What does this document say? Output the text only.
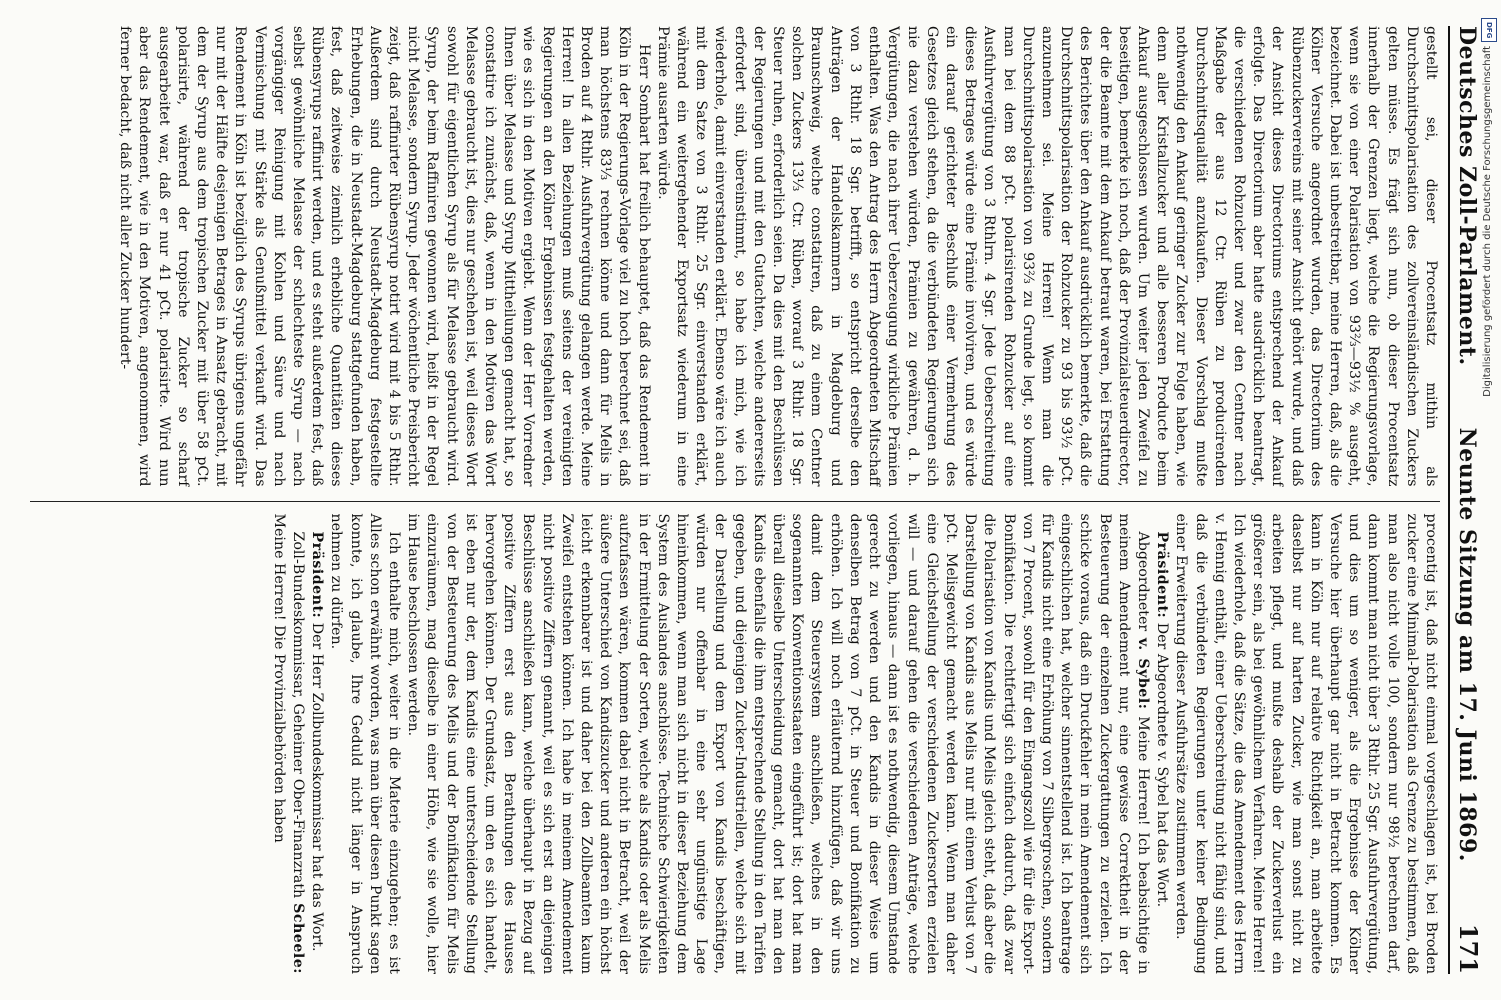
Deutsches Zoll-Parlament.
Neunte Sitzung am 17. Juni 1869.
171

gestellt sei, dieser Procentsatz mithin als Durchschnittspolarisation des zollvereinsländischen Zuckers gelten müsse. Es frägt sich nun, ob dieser Procentsatz innerhalb der Grenzen liegt, welche die Regierungsvorlage, wenn sie von einer Polarisation von 93⅔—93½ % ausgeht, bezeichnet. Dabei ist unbestreitbar, meine Herren, daß, als die Kölner Versuche angeordnet wurden, das Directorium des Rübenzuckervereins mit seiner Ansicht gehört wurde, und daß der Ansicht dieses Directoriums entsprechend der Ankauf erfolgte. Das Directorium aber hatte ausdrücklich beantragt, die verschiedenen Rohzucker und zwar den Centner nach Maßgabe der aus 12 Ctr. Rüben zu producirenden Durchschnittsqualität anzukaufen. Dieser Vorschlag mußte nothwendig den Ankauf geringer Zucker zur Folge haben, wie denn aller Kristallzucker und alle besseren Producte beim Ankauf ausgeschlossen wurden. Um weiter jeden Zweifel zu beseitigen, bemerke ich noch, daß der Provinzialsteuerdirector, der die Beamte mit dem Ankauf betraut waren, bei Erstattung des Berichtes über den Ankauf ausdrücklich bemerkte, daß die Durchschnittspolarisation der Rohzucker zu 93 bis 93½ pCt. anzunehmen sei. Meine Herren! Wenn man die Durchschnittspolarisation von 93⅔ zu Grunde legt, so kommt man bei dem 88 pCt. polarisirenden Rohzucker auf eine Ausfuhrvergütung von 3 Rthlrn. 4 Sgr. Jede Ueberschreitung dieses Betrages würde eine Prämie involviren, und es würde ein darauf gerichteter Beschluß einer Vermehrung des Gesetzes gleich stehen, da die verbündeten Regierungen sich nie dazu verstehen würden, Prämien zu gewähren, d. h. Vergütungen, die nach ihrer Ueberzeugung wirkliche Prämien enthalten. Was den Antrag des Herrn Abgeordneten Mitschaff von 3 Rthlr. 18 Sgr. betrifft, so entspricht derselbe den Anträgen der Handelskammern in Magdeburg und Braunschweig, welche constatiren, daß zu einem Centner solchen Zuckers 13⅓ Ctr. Rüben, worauf 3 Rthlr. 18 Sgr. Steuer ruhen, erforderlich seien. Da dies mit den Beschlüssen der Regierungen und mit den Gutachten, welche andererseits erfordert sind, übereinstimmt, so habe ich mich, wie ich wiederhole, damit einverstanden erklärt. Ebenso wäre ich auch mit dem Satze von 3 Rthlr. 25 Sgr. einverstanden erklärt, während ein weitergehender Exportsatz wiederum in eine Prämie ausarten würde.

Herr Sombart hat freilich behauptet, daß das Rendement in Köln in der Regierungs-Vorlage viel zu hoch berechnet sei, daß man höchstens 83⅓ rechnen könne und dann für Melis in Broden auf 4 Rthlr. Ausfuhrvergütung gelangen werde. Meine Herren! In allen Beziehungen muß seitens der vereinigten Regierungen an den Kölner Ergebnissen festgehalten werden, wie es sich in den Motiven ergiebt. Wenn der Herr Vorredner Ihnen über Melasse und Syrup Mittheilungen gemacht hat, so constatire ich zunächst, daß, wenn in den Motiven das Wort Melasse gebraucht ist, dies nur geschehen ist, weil dieses Wort sowohl für eigentlichen Syrup als für Melasse gebraucht wird. Syrup, der beim Raffiniren gewonnen wird, heißt in der Regel nicht Melasse, sondern Syrup. Jeder wöchentliche Preisbericht zeigt, daß raffinirter Rübensyrup notirt wird mit 4 bis 5 Rthlr. Außerdem sind durch Neustadt-Magdeburg festgestellte Erhebungen, die in Neustadt-Magdeburg stattgefunden haben, fest, daß zeitweise ziemlich erhebliche Quantitäten dieses Rübensyrups raffinirt werden, und es steht außerdem fest, daß selbst gewöhnliche Melasse der schlechteste Syrup — nach vorgängiger Reinigung mit Kohlen und Säure und nach Vermischung mit Stärke als Genußmittel verkauft wird. Das Rendement in Köln ist bezüglich des Syrups übrigens ungefähr nur mit der Hälfte desjenigen Betrages in Ansatz gebracht, mit dem der Syrup aus dem tropischen Zucker mit über 58 pCt. polarisirte, während der tropische Zucker so scharf ausgearbeitet war, daß er nur 41 pCt. polarisirte. Wird nun aber das Rendement, wie in den Motiven, angenommen, wird ferner bedacht, daß nicht aller Zucker hundert-

procentig ist, daß nicht einmal vorgeschlagen ist, bei Broden zucker eine Minimal-Polarisation als Grenze zu bestimmen, daß man also nicht volle 100, sondern nur 98½ berechnen darf, dann kommt man nicht über 3 Rthlr. 25 Sgr. Ausfuhrvergütung, und dies um so weniger, als die Ergebnisse der Kölner Versuche hier überhaupt gar nicht in Betracht kommen. Es kann in Köln nur auf relative Richtigkeit an, man arbeitete daselbst nur auf harten Zucker, wie man sonst nicht zu arbeiten pflegt, und mußte deshalb der Zuckerverlust ein größerer sein, als bei gewöhnlichem Verfahren. Meine Herren! Ich wiederhole, daß die Sätze, die das Amendement des Herrn v. Hennig enthält, einer Ueberschreitung nicht fähig sind, und daß die verbündeten Regierungen unter keiner Bedingung einer Erweiterung dieser Ausfuhrsätze zustimmen werden.

Präsident: Der Abgeordnete v. Sybel hat das Wort.

Abgeordneter v. Sybel: Meine Herren! Ich beabsichtige in meinem Amendement nur, eine gewisse Correktheit in der Besteuerung der einzelnen Zuckergattungen zu erzielen. Ich schicke voraus, daß ein Druckfehler in mein Amendement sich eingeschlichen hat, welcher sinnentstellend ist. Ich beantrage für Kandis nicht eine Erhöhung von 7 Silbergroschen, sondern von 7 Procent, sowohl für den Eingangszoll wie für die Export-Bonifikation. Die rechtfertigt sich einfach dadurch, daß zwar die Polarisation von Kandis und Melis gleich steht, daß aber die Darstellung von Kandis aus Melis nur mit einem Verlust von 7 pCt. Melisgewicht gemacht werden kann. Wenn man daher eine Gleichstellung der verschiedenen Zuckersorten erzielen will — und darauf gehen die verschiedenen Anträge, welche vorliegen, hinaus — dann ist es nothwendig, diesem Umstande gerecht zu werden und den Kandis in dieser Weise um denselben Betrag von 7 pCt. in Steuer und Bonifikation zu erhöhen. Ich will noch erläuternd hinzufügen, daß wir uns damit dem Steuersystem anschließen, welches in den sogenannten Konventionsstaaten eingeführt ist; dort hat man überall dieselbe Unterscheidung gemacht, dort hat man den Kandis ebenfalls die ihm entsprechende Stellung in den Tarifen gegeben, und diejenigen Zucker-Industriellen, welche sich mit der Darstellung und dem Export von Kandis beschäftigen, würden nur offenbar in eine sehr ungünstige Lage hineinkommen, wenn man sich nicht in dieser Beziehung dem System des Auslandes anschlösse. Technische Schwierigkeiten in der Ermittelung der Sorten, welche als Kandis oder als Melis aufzufassen wären, kommen dabei nicht in Betracht, weil der äußere Unterschied von Kandiszucker und anderen ein höchst leicht erkennbarer ist und daher bei den Zollbeamten kaum Zweifel entstehen können. Ich habe in meinem Amendement nicht positive Ziffern genannt, weil es sich erst an diejenigen Beschlüsse anschließen kann, welche überhaupt in Bezug auf positive Ziffern erst aus den Berathungen des Hauses hervorgehen können. Der Grundsatz, um den es sich handelt, ist eben nur der, dem Kandis eine unterscheidende Stellung von der Besteuerung des Melis und der Bonifikation für Melis einzuräumen, mag dieselbe in einer Höhe, wie sie wolle, hier im Hause beschlossen werden.

Ich enthalte mich, weiter in die Materie einzugehen; es ist Alles schon erwähnt worden, was man über diesen Punkt sagen konnte, ich glaube, Ihre Geduld nicht länger in Anspruch nehmen zu dürfen.

Präsident: Der Herr Zollbundeskommissar hat das Wort.

Zoll-Bundeskommissar, Geheimer Ober-Finanzrath Scheele: Meine Herren! Die Provinzialbehörden haben

DFG
Digitalisierung gefördert durch die Deutsche Forschungsgemeinschaft
